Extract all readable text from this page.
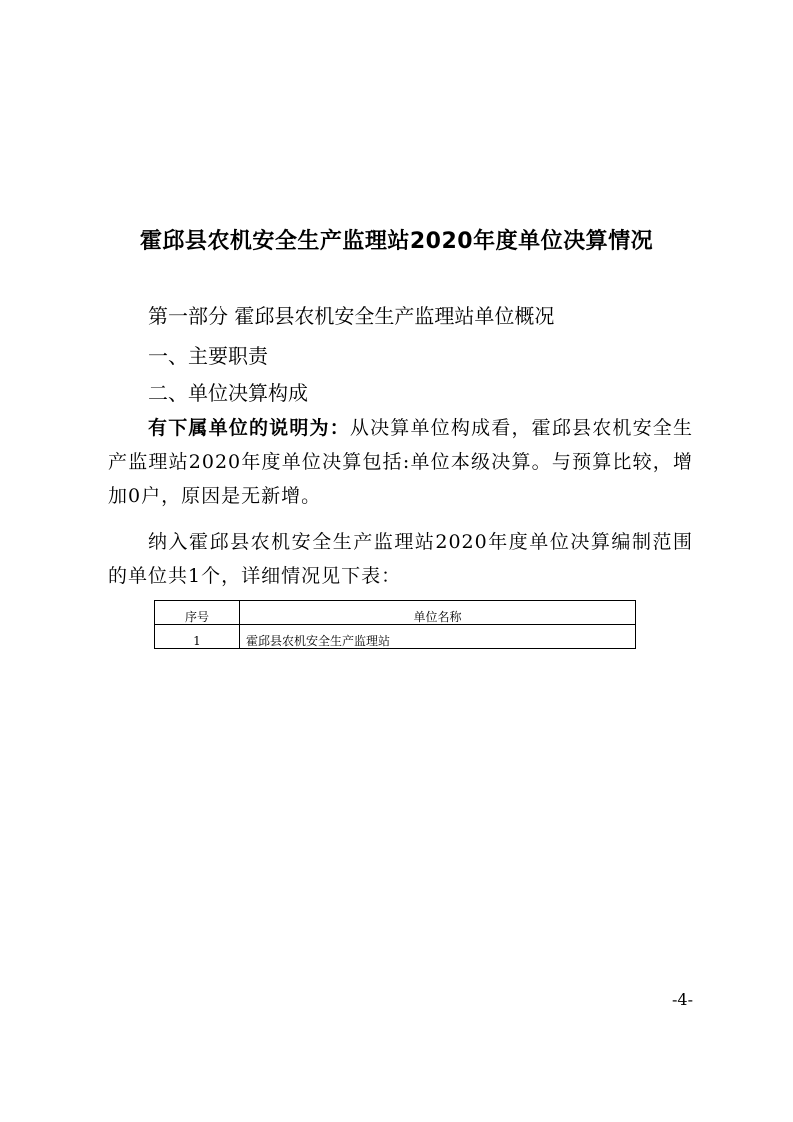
霍邱县农机安全生产监理站2020年度单位决算情况
第一部分 霍邱县农机安全生产监理站单位概况
一、主要职责
二、单位决算构成
有下属单位的说明为：从决算单位构成看，霍邱县农机安全生产监理站2020年度单位决算包括:单位本级决算。与预算比较，增加0户，原因是无新增。
纳入霍邱县农机安全生产监理站2020年度单位决算编制范围的单位共1个，详细情况见下表：
序号	单位名称
1	霍邱县农机安全生产监理站
-4-
